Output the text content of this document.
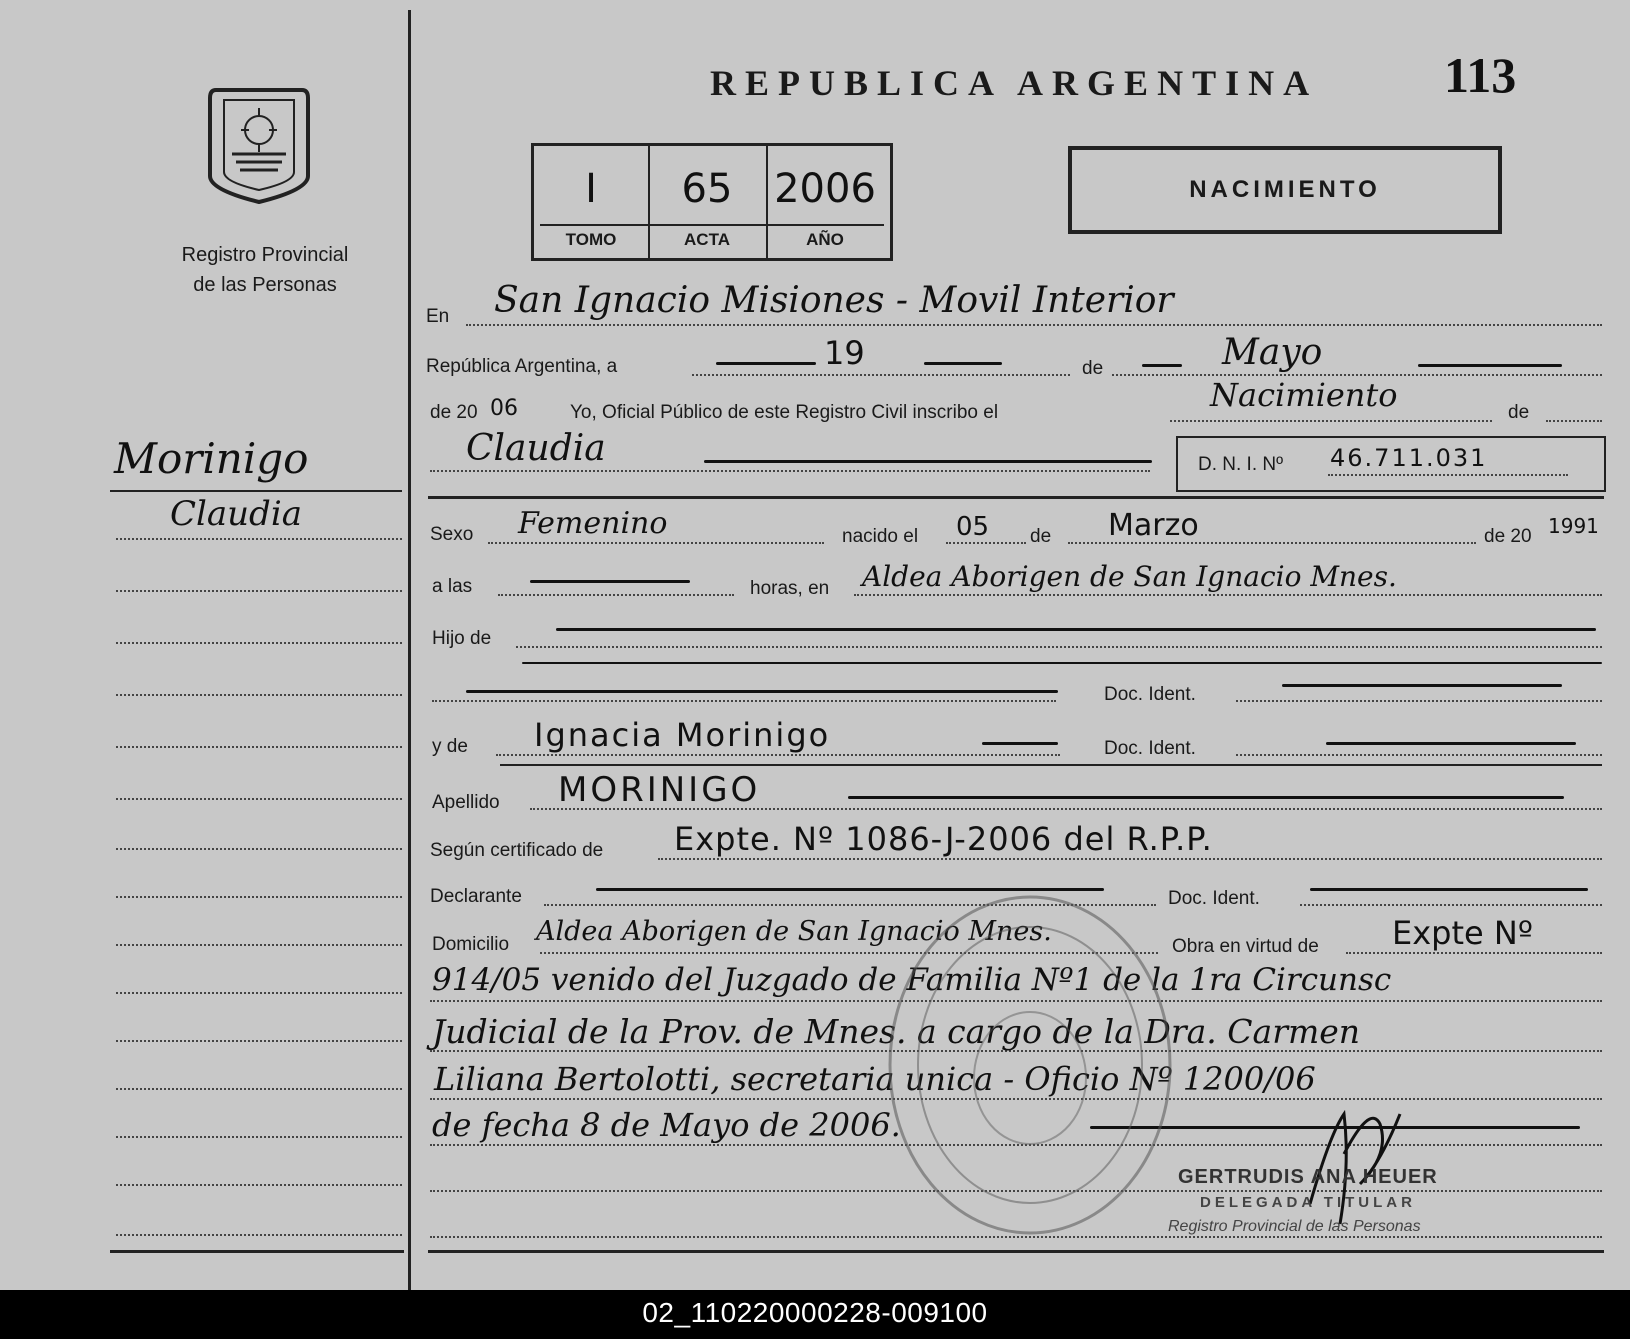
Registro Provincial
de las Personas
Morinigo
Claudia
REPUBLICA ARGENTINA	113
I	65	2006
TOMO	ACTA	AÑO
NACIMIENTO
En San Ignacio Misiones - Movil Interior
República Argentina, a	19	de	Mayo
de 20 06	Yo, Oficial Público de este Registro Civil inscribo el	Nacimiento	de
Claudia	D. N. I. Nº 46.711.031
Sexo Femenino	nacido el 05 de Marzo	de 20 1991
a las	horas, en Aldea Aborigen de San Ignacio Mnes.
Hijo de
Doc. Ident.
y de Ignacia Morinigo	Doc. Ident.
Apellido MORINIGO
Según certificado de Expte. Nº 1086-J-2006 del R.P.P.
Declarante	Doc. Ident.
Domicilio Aldea Aborigen de San Ignacio Mnes.	Obra en virtud de Expte Nº
914/05 venido del Juzgado de Familia Nº1 de la 1ra Circunsc
Judicial de la Prov. de Mnes. a cargo de la Dra. Carmen
Liliana Bertolotti, secretaria unica - Oficio Nº 1200/06
de fecha 8 de Mayo de 2006.
GERTRUDIS ANA HEUER
DELEGADA TITULAR
Registro Provincial de las Personas
02_110220000228-009100
